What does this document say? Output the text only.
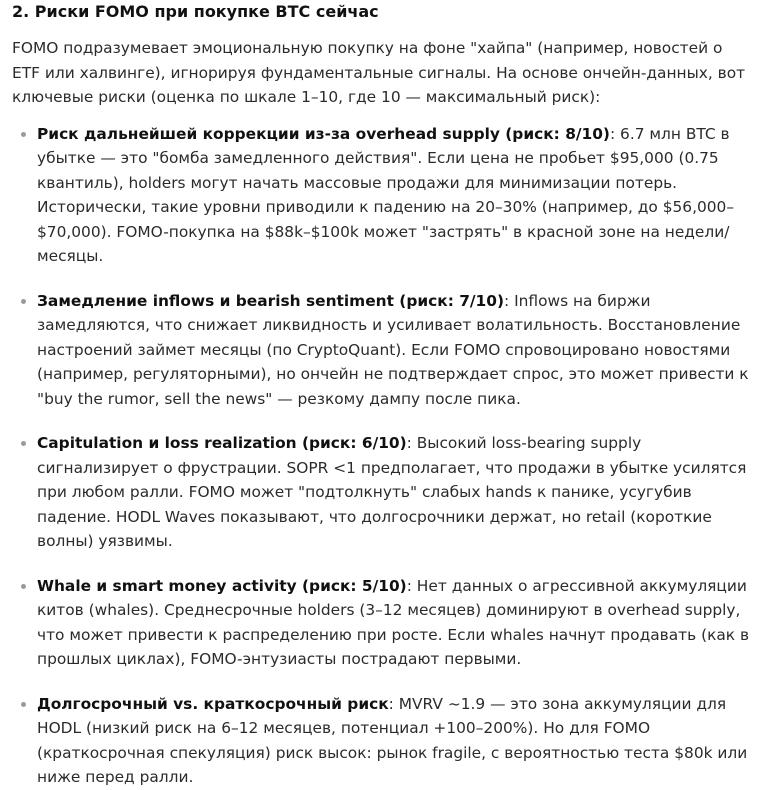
2. Риски FOMO при покупке BTC сейчас

FOMO подразумевает эмоциональную покупку на фоне "хайпа" (например, новостей о ETF или халвинге), игнорируя фундаментальные сигналы. На основе ончейн-данных, вот ключевые риски (оценка по шкале 1–10, где 10 — максимальный риск):

Риск дальнейшей коррекции из-за overhead supply (риск: 8/10): 6.7 млн BTC в убытке — это "бомба замедленного действия". Если цена не пробьет $95,000 (0.75 квантиль), holders могут начать массовые продажи для минимизации потерь. Исторически, такие уровни приводили к падению на 20–30% (например, до $56,000–$70,000). FOMO-покупка на $88k–$100k может "застрять" в красной зоне на недели/месяцы.
Замедление inflows и bearish sentiment (риск: 7/10): Inflows на биржи замедляются, что снижает ликвидность и усиливает волатильность. Восстановление настроений займет месяцы (по CryptoQuant). Если FOMO спровоцировано новостями (например, регуляторными), но ончейн не подтверждает спрос, это может привести к "buy the rumor, sell the news" — резкому дампу после пика.
Capitulation и loss realization (риск: 6/10): Высокий loss-bearing supply сигнализирует о фрустрации. SOPR <1 предполагает, что продажи в убытке усилятся при любом ралли. FOMO может "подтолкнуть" слабых hands к панике, усугубив падение. HODL Waves показывают, что долгосрочники держат, но retail (короткие волны) уязвимы.
Whale и smart money activity (риск: 5/10): Нет данных о агрессивной аккумуляции китов (whales). Среднесрочные holders (3–12 месяцев) доминируют в overhead supply, что может привести к распределению при росте. Если whales начнут продавать (как в прошлых циклах), FOMO-энтузиасты пострадают первыми.
Долгосрочный vs. краткосрочный риск: MVRV ~1.9 — это зона аккумуляции для HODL (низкий риск на 6–12 месяцев, потенциал +100–200%). Но для FOMO (краткосрочная спекуляция) риск высок: рынок fragile, с вероятностью теста $80k или ниже перед ралли.
